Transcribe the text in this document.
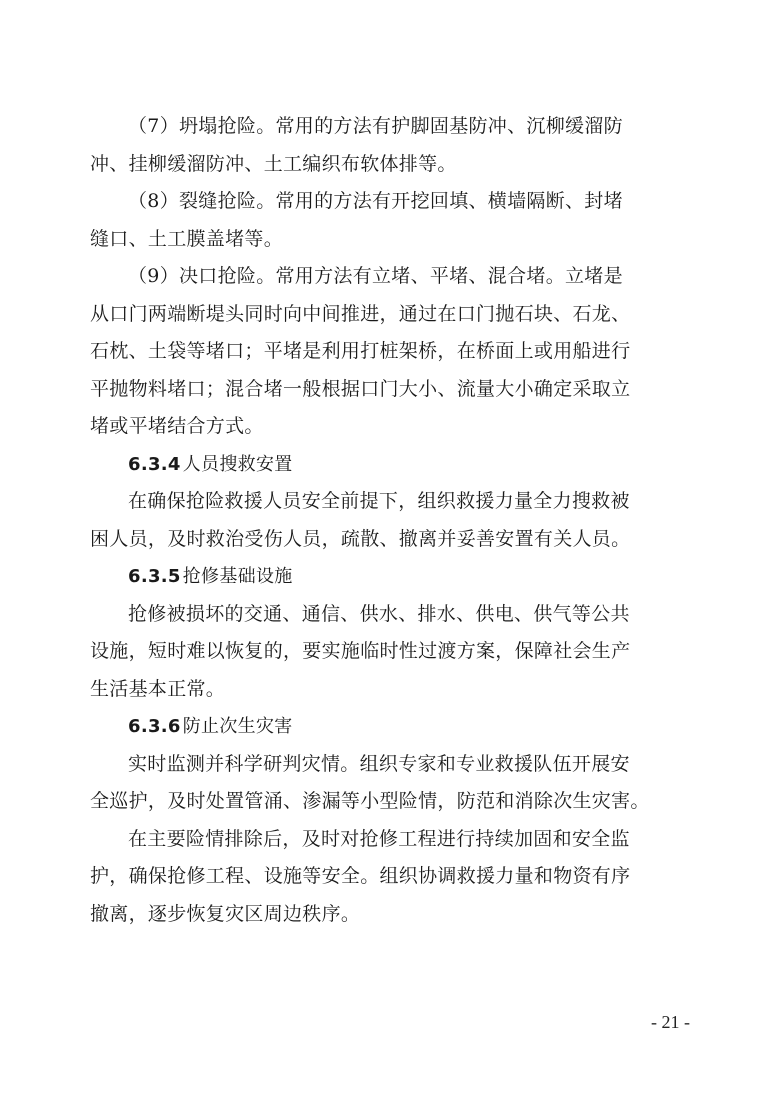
（7）坍塌抢险。常用的方法有护脚固基防冲、沉柳缓溜防
冲、挂柳缓溜防冲、土工编织布软体排等。
（8）裂缝抢险。常用的方法有开挖回填、横墙隔断、封堵
缝口、土工膜盖堵等。
（9）决口抢险。常用方法有立堵、平堵、混合堵。立堵是
从口门两端断堤头同时向中间推进，通过在口门抛石块、石龙、
石枕、土袋等堵口；平堵是利用打桩架桥，在桥面上或用船进行
平抛物料堵口；混合堵一般根据口门大小、流量大小确定采取立
堵或平堵结合方式。
6.3.4 人员搜救安置
在确保抢险救援人员安全前提下，组织救援力量全力搜救被
困人员，及时救治受伤人员，疏散、撤离并妥善安置有关人员。
6.3.5 抢修基础设施
抢修被损坏的交通、通信、供水、排水、供电、供气等公共
设施，短时难以恢复的，要实施临时性过渡方案，保障社会生产
生活基本正常。
6.3.6 防止次生灾害
实时监测并科学研判灾情。组织专家和专业救援队伍开展安
全巡护，及时处置管涌、渗漏等小型险情，防范和消除次生灾害。
在主要险情排除后，及时对抢修工程进行持续加固和安全监
护，确保抢修工程、设施等安全。组织协调救援力量和物资有序
撤离，逐步恢复灾区周边秩序。
- 21 -
